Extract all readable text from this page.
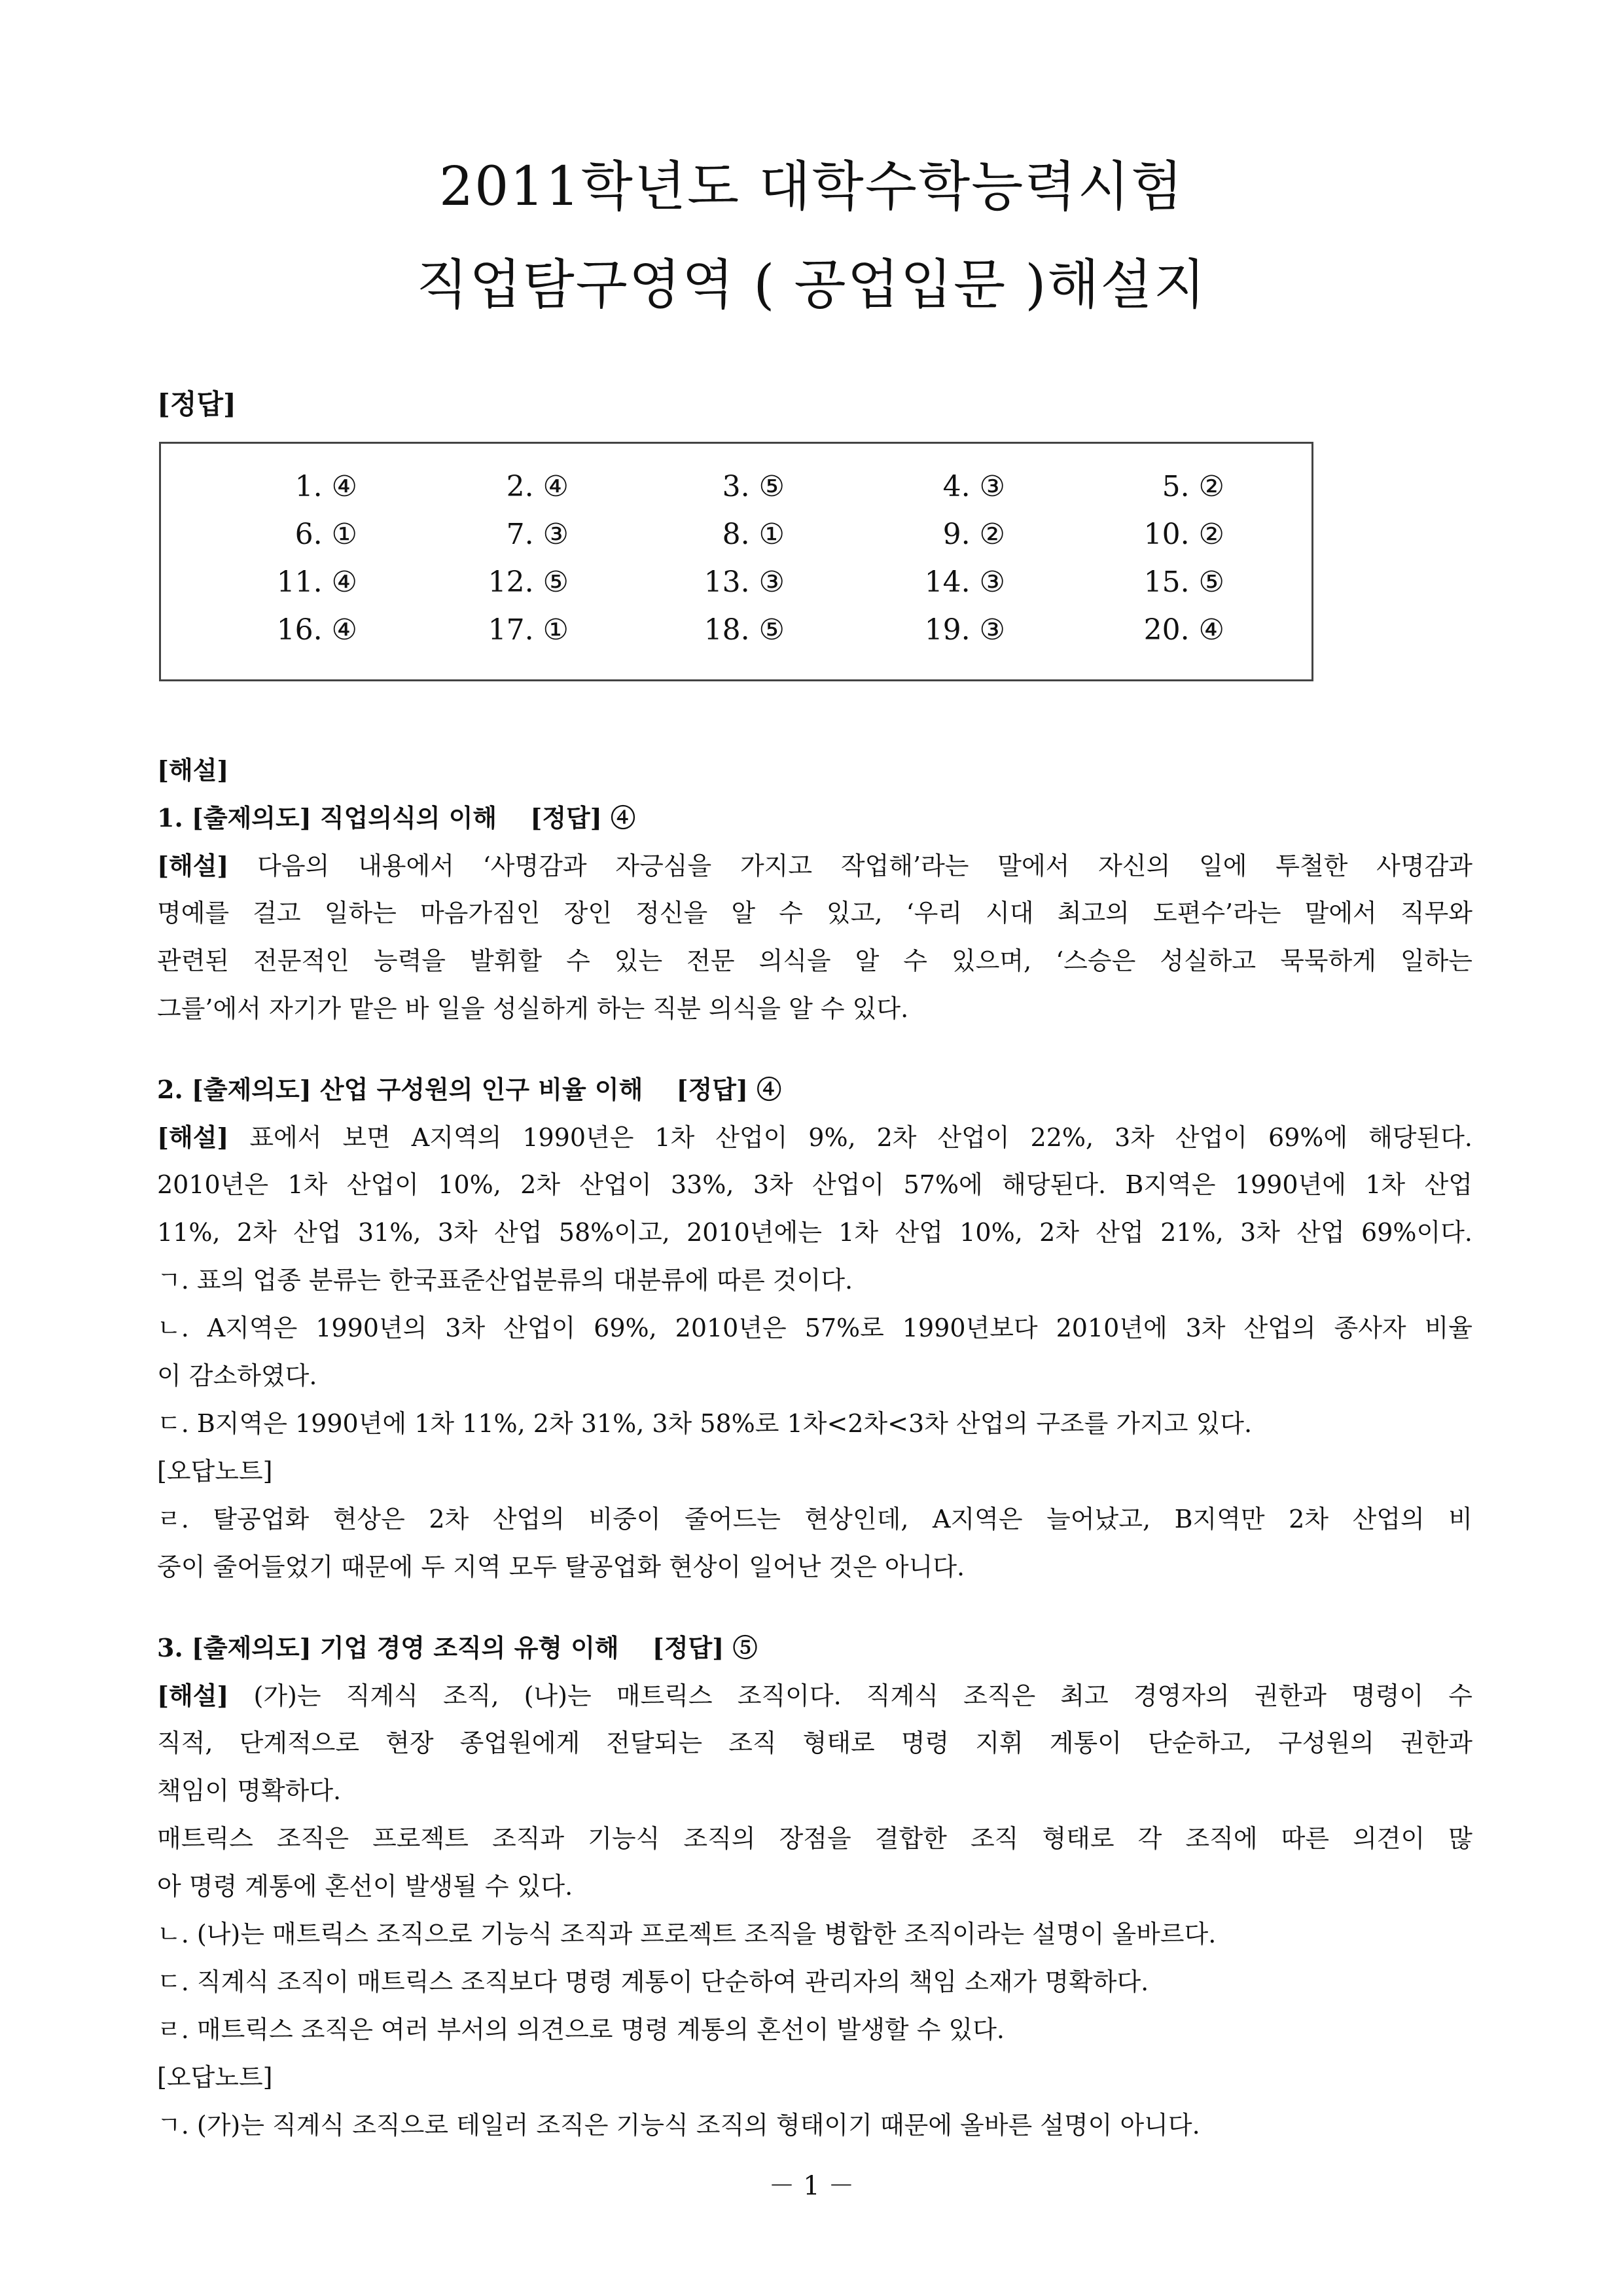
2011학년도 대학수학능력시험
직업탐구영역 ( 공업입문 )해설지
[정답]
1. ④	2. ④	3. ⑤	4. ③	5. ②
6. ①	7. ③	8. ①	9. ②	10. ②
11. ④	12. ⑤	13. ③	14. ③	15. ⑤
16. ④	17. ①	18. ⑤	19. ③	20. ④
[해설]
1. [출제의도] 직업의식의 이해　 [정답] ④
[해설] 다음의 내용에서 ‘사명감과 자긍심을 가지고 작업해’라는 말에서 자신의 일에 투철한 사명감과
명예를 걸고 일하는 마음가짐인 장인 정신을 알 수 있고, ‘우리 시대 최고의 도편수’라는 말에서 직무와
관련된 전문적인 능력을 발휘할 수 있는 전문 의식을 알 수 있으며, ‘스승은 성실하고 묵묵하게 일하는
그를’에서 자기가 맡은 바 일을 성실하게 하는 직분 의식을 알 수 있다.
2. [출제의도] 산업 구성원의 인구 비율 이해　 [정답] ④
[해설] 표에서 보면 A지역의 1990년은 1차 산업이 9%, 2차 산업이 22%, 3차 산업이 69%에 해당된다.
2010년은 1차 산업이 10%, 2차 산업이 33%, 3차 산업이 57%에 해당된다. B지역은 1990년에 1차 산업
11%, 2차 산업 31%, 3차 산업 58%이고, 2010년에는 1차 산업 10%, 2차 산업 21%, 3차 산업 69%이다.
ㄱ. 표의 업종 분류는 한국표준산업분류의 대분류에 따른 것이다.
ㄴ. A지역은 1990년의 3차 산업이 69%, 2010년은 57%로 1990년보다 2010년에 3차 산업의 종사자 비율
이 감소하였다.
ㄷ. B지역은 1990년에 1차 11%, 2차 31%, 3차 58%로 1차<2차<3차 산업의 구조를 가지고 있다.
[오답노트]
ㄹ. 탈공업화 현상은 2차 산업의 비중이 줄어드는 현상인데, A지역은 늘어났고, B지역만 2차 산업의 비
중이 줄어들었기 때문에 두 지역 모두 탈공업화 현상이 일어난 것은 아니다.
3. [출제의도] 기업 경영 조직의 유형 이해　 [정답] ⑤
[해설] (가)는 직계식 조직, (나)는 매트릭스 조직이다. 직계식 조직은 최고 경영자의 권한과 명령이 수
직적, 단계적으로 현장 종업원에게 전달되는 조직 형태로 명령 지휘 계통이 단순하고, 구성원의 권한과
책임이 명확하다.
매트릭스 조직은 프로젝트 조직과 기능식 조직의 장점을 결합한 조직 형태로 각 조직에 따른 의견이 많
아 명령 계통에 혼선이 발생될 수 있다.
ㄴ. (나)는 매트릭스 조직으로 기능식 조직과 프로젝트 조직을 병합한 조직이라는 설명이 올바르다.
ㄷ. 직계식 조직이 매트릭스 조직보다 명령 계통이 단순하여 관리자의 책임 소재가 명확하다.
ㄹ. 매트릭스 조직은 여러 부서의 의견으로 명령 계통의 혼선이 발생할 수 있다.
[오답노트]
ㄱ. (가)는 직계식 조직으로 테일러 조직은 기능식 조직의 형태이기 때문에 올바른 설명이 아니다.
－ 1 －
